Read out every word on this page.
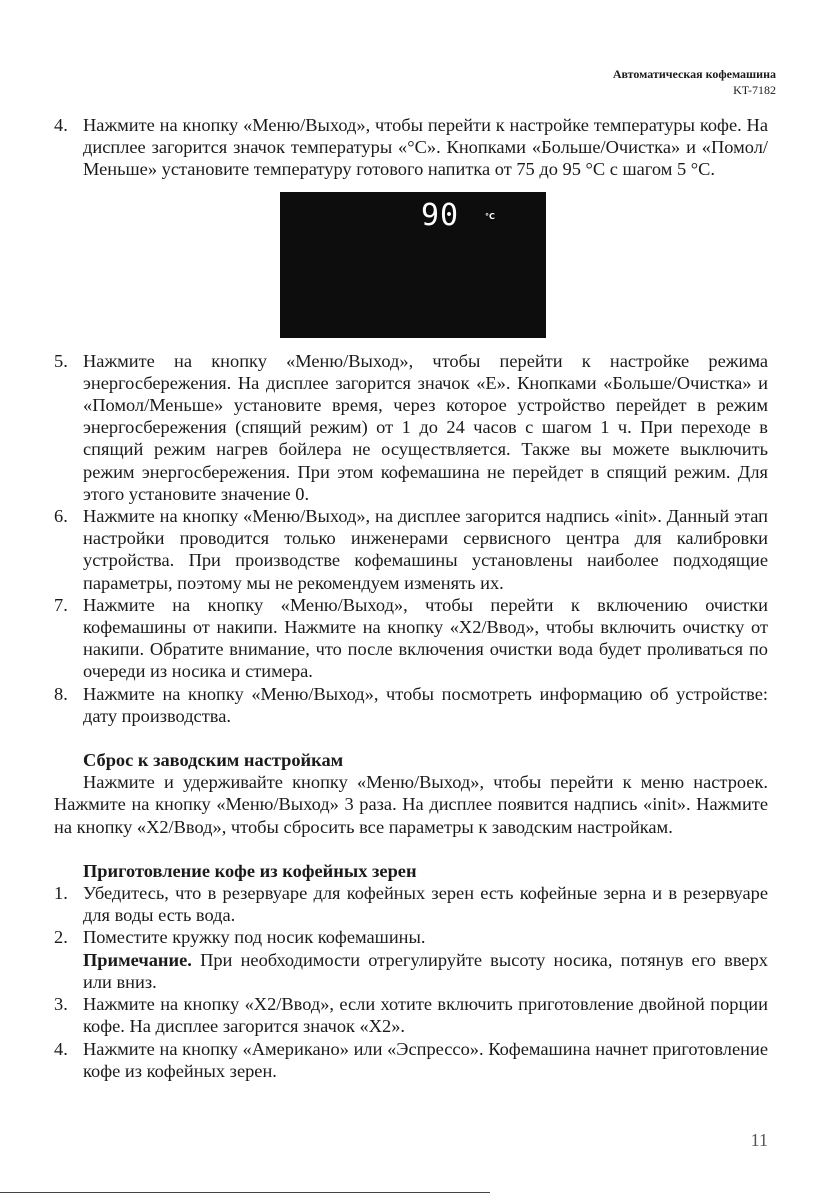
Автоматическая кофемашина
KT-7182
4. Нажмите на кнопку «Меню/Выход», чтобы перейти к настройке температуры кофе. На дисплее загорится значок температуры «°C». Кнопками «Больше/Очистка» и «Помол/Меньше» установите температуру готового напитка от 75 до 95 °C с шагом 5 °C.
90	°C
5. Нажмите на кнопку «Меню/Выход», чтобы перейти к настройке режима энергосбережения. На дисплее загорится значок «E». Кнопками «Больше/Очистка» и «Помол/Меньше» установите время, через которое устройство перейдет в режим энергосбережения (спящий режим) от 1 до 24 часов с шагом 1 ч. При переходе в спящий режим нагрев бойлера не осуществляется. Также вы можете выключить режим энергосбережения. При этом кофемашина не перейдет в спящий режим. Для этого установите значение 0.
6. Нажмите на кнопку «Меню/Выход», на дисплее загорится надпись «init». Данный этап настройки проводится только инженерами сервисного центра для калибровки устройства. При производстве кофемашины установлены наиболее подходящие параметры, поэтому мы не рекомендуем изменять их.
7. Нажмите на кнопку «Меню/Выход», чтобы перейти к включению очистки кофемашины от накипи. Нажмите на кнопку «X2/Ввод», чтобы включить очистку от накипи. Обратите внимание, что после включения очистки вода будет проливаться по очереди из носика и стимера.
8. Нажмите на кнопку «Меню/Выход», чтобы посмотреть информацию об устройстве: дату производства.
Сброс к заводским настройкам
Нажмите и удерживайте кнопку «Меню/Выход», чтобы перейти к меню настроек. Нажмите на кнопку «Меню/Выход» 3 раза. На дисплее появится надпись «init». Нажмите на кнопку «X2/Ввод», чтобы сбросить все параметры к заводским настройкам.
Приготовление кофе из кофейных зерен
1. Убедитесь, что в резервуаре для кофейных зерен есть кофейные зерна и в резервуаре для воды есть вода.
2. Поместите кружку под носик кофемашины.
Примечание. При необходимости отрегулируйте высоту носика, потянув его вверх или вниз.
3. Нажмите на кнопку «X2/Ввод», если хотите включить приготовление двойной порции кофе. На дисплее загорится значок «X2».
4. Нажмите на кнопку «Американо» или «Эспрессо». Кофемашина начнет приготовление кофе из кофейных зерен.
11
